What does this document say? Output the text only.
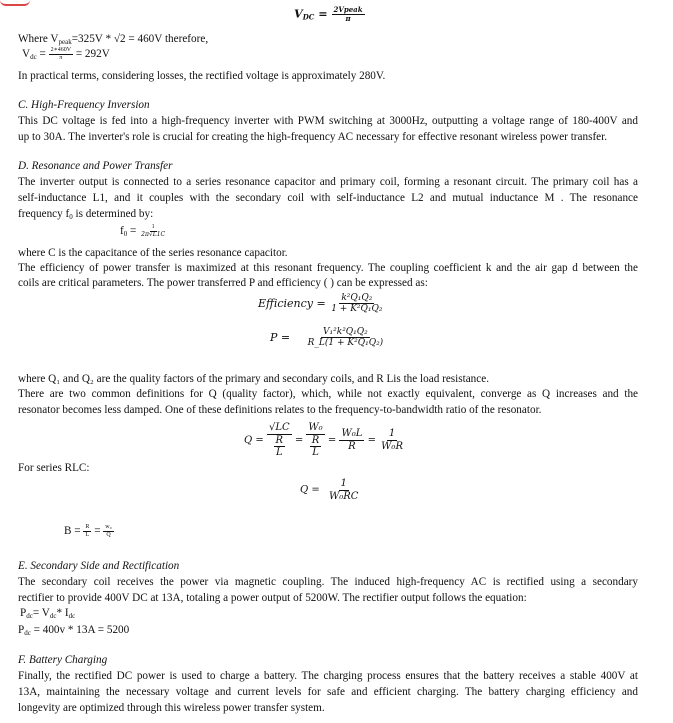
$V_{DC} = \frac{\text{2Vpeak}}{\pi}$
Where $V_{peak}=325V * √2 = 460V$ therefore,
$V_{dc} = \frac{2∗460V}{\pi} = 292V$
In practical terms, considering losses, the rectified voltage is approximately 280V.
C. High-Frequency Inversion
This DC voltage is fed into a high-frequency inverter with PWM switching at 3000Hz, outputting a voltage range of 180-400V and
up to 30A. The inverter's role is crucial for creating the high-frequency AC necessary for effective resonant wireless power transfer.
D. Resonance and Power Transfer
The inverter output is connected to a series resonance capacitor and primary coil, forming a resonant circuit. The primary coil has a
self-inductance L1, and it couples with the secondary coil with self-inductance L2 and mutual inductance M . The resonance
frequency $f_0$ is determined by:
$f_0 = \frac{1}{2\pi√L1C}$
where C is the capacitance of the series resonance capacitor.
The efficiency of power transfer is maximized at this resonant frequency. The coupling coefficient k and the air gap d between the
coils are critical parameters. The power transferred P and efficiency ( ) can be expressed as:
Efficiency = $\frac{\text{k²Q₁Q₂}}{\text{1 + K²Q₁Q₂}}$
$P = \frac{\text{V₁²k²Q₁Q₂}}{\text{R\_L(1 + K²Q₁Q₂)}}$
where Q₁ and Q₂ are the quality factors of the primary and secondary coils, and R Lis the load resistance.
There are two common definitions for Q (quality factor), which, while not exactly equivalent, converge as Q increases and the
resonator becomes less damped. One of these definitions relates to the frequency-to-bandwidth ratio of the resonator.
$Q = \frac{√LC}{\frac{R}{L}} = \frac{\text{W₀}}{\frac{R}{L}} = \frac{\text{W₀L}}{R} = \frac{1}{\text{W₀R}}$
For series RLC:
$Q = \frac{1}{\text{W₀RC}}$
$B = \frac{R}{L} = \frac{\text{w₀}}{Q}$
E. Secondary Side and Rectification
The secondary coil receives the power via magnetic coupling. The induced high-frequency AC is rectified using a secondary
rectifier to provide 400V DC at 13A, totaling a power output of 5200W. The rectifier output follows the equation:
$P_{dc}= V_{dc}*$ $I_{dc}$
$P_{dc} = 400v * 13A = 5200$
F. Battery Charging
Finally, the rectified DC power is used to charge a battery. The charging process ensures that the battery receives a stable 400V at
13A, maintaining the necessary voltage and current levels for safe and efficient charging. The battery charging efficiency and
longevity are optimized through this wireless power transfer system.
